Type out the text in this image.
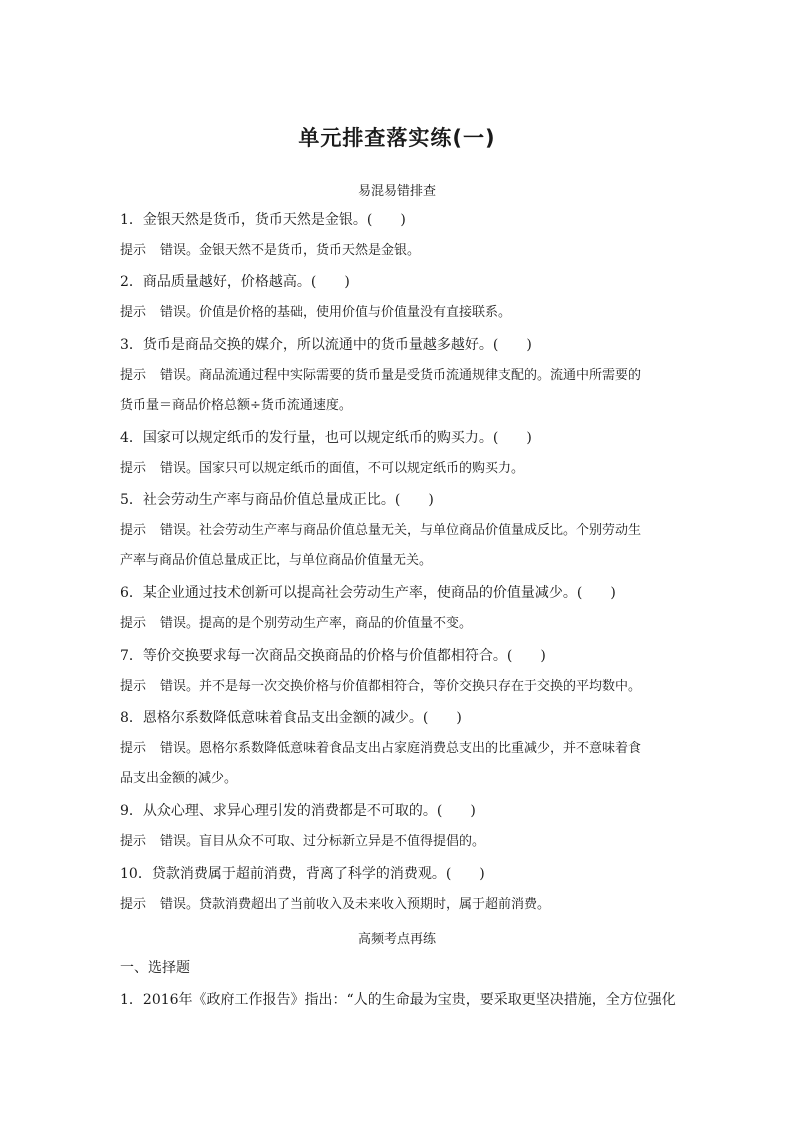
单元排查落实练(一)
易混易错排查
1．金银天然是货币，货币天然是金银。(　　)
提示 错误。金银天然不是货币，货币天然是金银。
2．商品质量越好，价格越高。(　　)
提示 错误。价值是价格的基础，使用价值与价值量没有直接联系。
3．货币是商品交换的媒介，所以流通中的货币量越多越好。(　　)
提示 错误。商品流通过程中实际需要的货币量是受货币流通规律支配的。流通中所需要的
货币量＝商品价格总额÷货币流通速度。
4．国家可以规定纸币的发行量，也可以规定纸币的购买力。(　　)
提示 错误。国家只可以规定纸币的面值，不可以规定纸币的购买力。
5．社会劳动生产率与商品价值总量成正比。(　　)
提示 错误。社会劳动生产率与商品价值总量无关，与单位商品价值量成反比。个别劳动生
产率与商品价值总量成正比，与单位商品价值量无关。
6．某企业通过技术创新可以提高社会劳动生产率，使商品的价值量减少。(　　)
提示 错误。提高的是个别劳动生产率，商品的价值量不变。
7．等价交换要求每一次商品交换商品的价格与价值都相符合。(　　)
提示 错误。并不是每一次交换价格与价值都相符合，等价交换只存在于交换的平均数中。
8．恩格尔系数降低意味着食品支出金额的减少。(　　)
提示 错误。恩格尔系数降低意味着食品支出占家庭消费总支出的比重减少，并不意味着食
品支出金额的减少。
9．从众心理、求异心理引发的消费都是不可取的。(　　)
提示 错误。盲目从众不可取、过分标新立异是不值得提倡的。
10．贷款消费属于超前消费，背离了科学的消费观。(　　)
提示 错误。贷款消费超出了当前收入及未来收入预期时，属于超前消费。
高频考点再练
一、选择题
1．2016年《政府工作报告》指出：“人的生命最为宝贵，要采取更坚决措施，全方位强化
